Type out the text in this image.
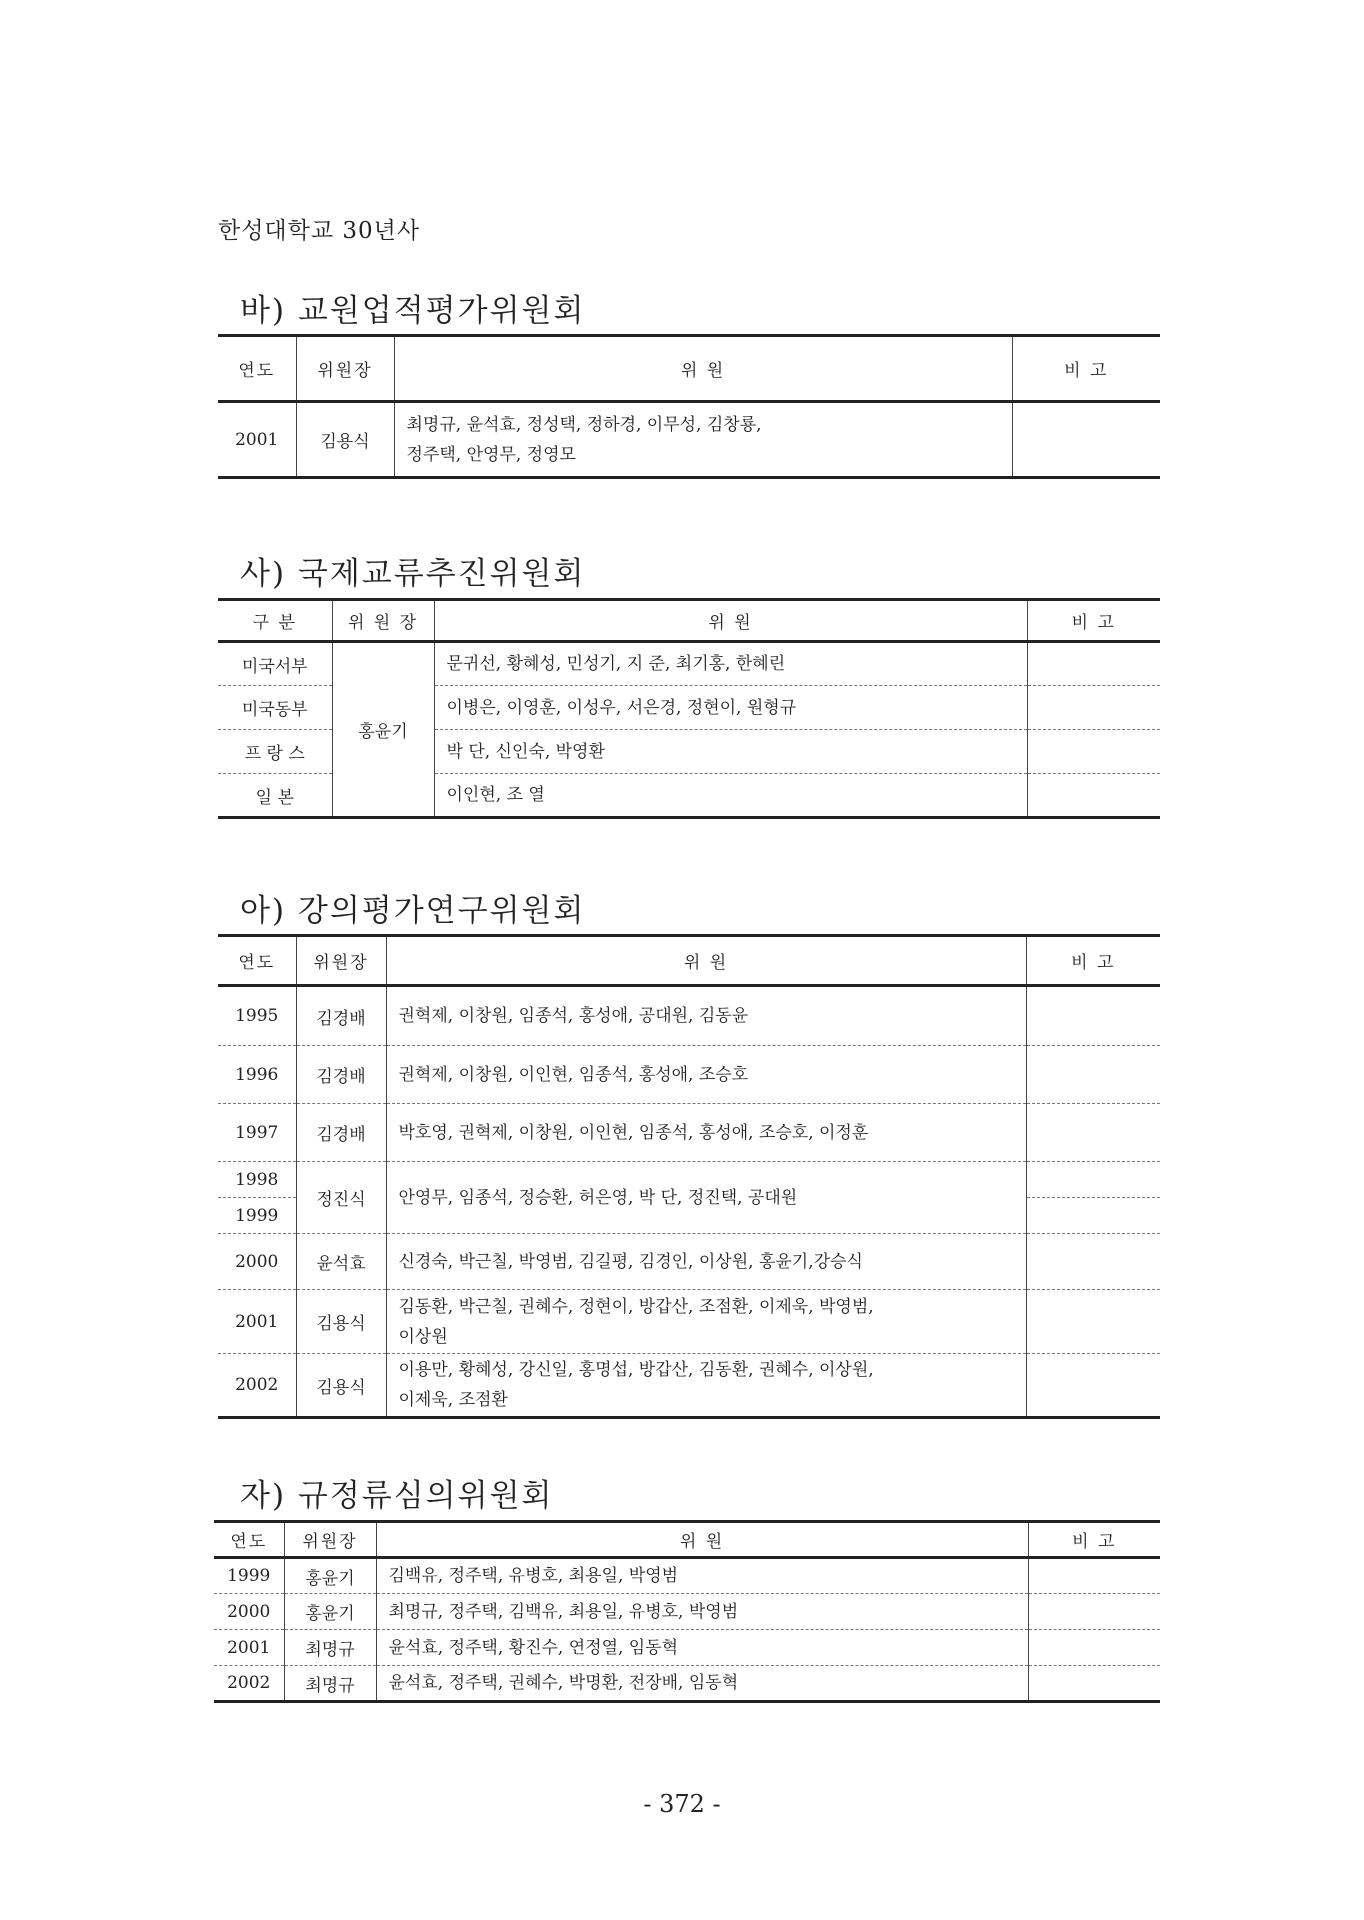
한성대학교 30년사
바) 교원업적평가위원회
연도	위원장	위 원	비 고
2001	김용식	최명규, 윤석효, 정성택, 정하경, 이무성, 김창룡,
정주택, 안영무, 정영모	

사) 국제교류추진위원회
구 분	위 원 장	위 원	비 고
미국서부	홍윤기	문귀선, 황혜성, 민성기, 지 준, 최기홍, 한혜린	
미국동부		이병은, 이영훈, 이성우, 서은경, 정현이, 원형규	
프 랑 스		박 단, 신인숙, 박영환	
일 본		이인현, 조 열	
아) 강의평가연구위원회
연도	위원장	위 원	비 고
1995	김경배	권혁제, 이창원, 임종석, 홍성애, 공대원, 김동윤	

1996	김경배	권혁제, 이창원, 이인현, 임종석, 홍성애, 조승호	

1997	김경배	박호영, 권혁제, 이창원, 이인현, 임종석, 홍성애, 조승호, 이정훈	

1998	정진식	안영무, 임종석, 정승환, 허은영, 박 단, 정진택, 공대원	

1999			
2000	윤석효	신경숙, 박근칠, 박영범, 김길평, 김경인, 이상원, 홍윤기,강승식	

2001	김용식	김동환, 박근칠, 권혜수, 정현이, 방갑산, 조점환, 이제욱, 박영범,
이상원	

2002	김용식	이용만, 황혜성, 강신일, 홍명섭, 방갑산, 김동환, 권혜수, 이상원,
이제욱, 조점환	

자) 규정류심의위원회
연도	위원장	위 원	비 고
1999	홍윤기	김백유, 정주택, 유병호, 최용일, 박영범	
2000	홍윤기	최명규, 정주택, 김백유, 최용일, 유병호, 박영범	
2001	최명규	윤석효, 정주택, 황진수, 연정열, 임동혁	
2002	최명규	윤석효, 정주택, 권혜수, 박명환, 전장배, 임동혁	
- 372 -
